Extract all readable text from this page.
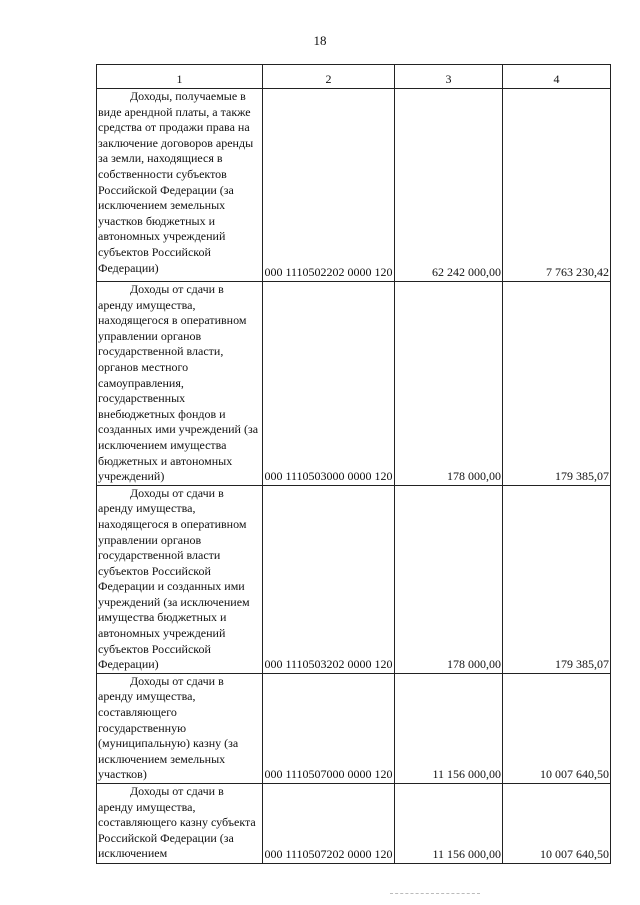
18
1	2	3	4
Доходы, получаемые в виде арендной платы, а также средства от продажи права на заключение договоров аренды за земли, находящиеся в собственности субъектов Российской Федерации (за исключением земельных участков бюджетных и автономных учреждений субъектов Российской Федерации)	000 1110502202 0000 120	62 242 000,00	7 763 230,42
Доходы от сдачи в аренду имущества, находящегося в оперативном управлении органов государственной власти, органов местного самоуправления, государственных внебюджетных фондов и созданных ими учреждений (за исключением имущества бюджетных и автономных учреждений)	000 1110503000 0000 120	178 000,00	179 385,07
Доходы от сдачи в аренду имущества, находящегося в оперативном управлении органов государственной власти субъектов Российской Федерации и созданных ими учреждений (за исключением имущества бюджетных и автономных учреждений субъектов Российской Федерации)	000 1110503202 0000 120	178 000,00	179 385,07
Доходы от сдачи в аренду имущества, составляющего государственную (муниципальную) казну (за исключением земельных участков)	000 1110507000 0000 120	11 156 000,00	10 007 640,50
Доходы от сдачи в аренду имущества, составляющего казну субъекта Российской Федерации (за исключением	000 1110507202 0000 120	11 156 000,00	10 007 640,50
